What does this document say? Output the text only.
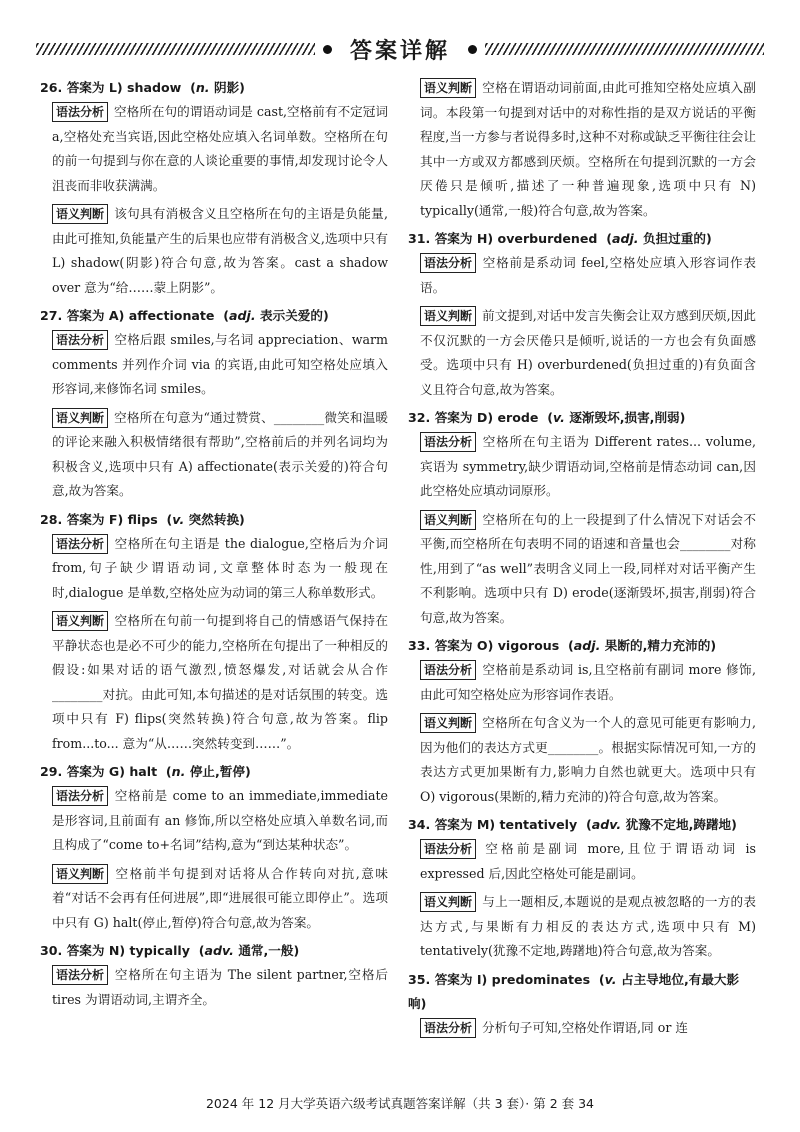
答案详解
26. 答案为 L) shadow  (n. 阴影)
语法分析 空格所在句的谓语动词是 cast,空格前有不定冠词 a,空格处充当宾语,因此空格处应填入名词单数。空格所在句的前一句提到与你在意的人谈论重要的事情,却发现讨论令人沮丧而非收获满满。
语义判断 该句具有消极含义且空格所在句的主语是负能量,由此可推知,负能量产生的后果也应带有消极含义,选项中只有 L) shadow(阴影)符合句意,故为答案。cast a shadow over 意为“给……蒙上阴影”。
27. 答案为 A) affectionate  (adj. 表示关爱的)
语法分析 空格后跟 smiles,与名词 appreciation、warm comments 并列作介词 via 的宾语,由此可知空格处应填入形容词,来修饰名词 smiles。
语义判断 空格所在句意为“通过赞赏、________微笑和温暖的评论来融入积极情绪很有帮助”,空格前后的并列名词均为积极含义,选项中只有 A) affectionate(表示关爱的)符合句意,故为答案。
28. 答案为 F) flips  (v. 突然转换)
语法分析 空格所在句主语是 the dialogue,空格后为介词 from,句子缺少谓语动词,文章整体时态为一般现在时,dialogue 是单数,空格处应为动词的第三人称单数形式。
语义判断 空格所在句前一句提到将自己的情感语气保持在平静状态也是必不可少的能力,空格所在句提出了一种相反的假设:如果对话的语气激烈,愤怒爆发,对话就会从合作________对抗。由此可知,本句描述的是对话氛围的转变。选项中只有 F) flips(突然转换)符合句意,故为答案。flip from...to... 意为“从……突然转变到……”。
29. 答案为 G) halt  (n. 停止,暂停)
语法分析 空格前是 come to an immediate,immediate 是形容词,且前面有 an 修饰,所以空格处应填入单数名词,而且构成了“come to+名词”结构,意为“到达某种状态”。
语义判断 空格前半句提到对话将从合作转向对抗,意味着“对话不会再有任何进展”,即“进展很可能立即停止”。选项中只有 G) halt(停止,暂停)符合句意,故为答案。
30. 答案为 N) typically  (adv. 通常,一般)
语法分析 空格所在句主语为 The silent partner,空格后 tires 为谓语动词,主谓齐全。
语义判断 空格在谓语动词前面,由此可推知空格处应填入副词。本段第一句提到对话中的对称性指的是双方说话的平衡程度,当一方参与者说得多时,这种不对称或缺乏平衡往往会让其中一方或双方都感到厌烦。空格所在句提到沉默的一方会厌倦只是倾听,描述了一种普遍现象,选项中只有 N) typically(通常,一般)符合句意,故为答案。
31. 答案为 H) overburdened  (adj. 负担过重的)
语法分析 空格前是系动词 feel,空格处应填入形容词作表语。
语义判断 前文提到,对话中发言失衡会让双方感到厌烦,因此不仅沉默的一方会厌倦只是倾听,说话的一方也会有负面感受。选项中只有 H) overburdened(负担过重的)有负面含义且符合句意,故为答案。
32. 答案为 D) erode  (v. 逐渐毁坏,损害,削弱)
语法分析 空格所在句主语为 Different rates... volume,宾语为 symmetry,缺少谓语动词,空格前是情态动词 can,因此空格处应填动词原形。
语义判断 空格所在句的上一段提到了什么情况下对话会不平衡,而空格所在句表明不同的语速和音量也会________对称性,用到了“as well”表明含义同上一段,同样对对话平衡产生不利影响。选项中只有 D) erode(逐渐毁坏,损害,削弱)符合句意,故为答案。
33. 答案为 O) vigorous  (adj. 果断的,精力充沛的)
语法分析 空格前是系动词 is,且空格前有副词 more 修饰,由此可知空格处应为形容词作表语。
语义判断 空格所在句含义为一个人的意见可能更有影响力,因为他们的表达方式更________。根据实际情况可知,一方的表达方式更加果断有力,影响力自然也就更大。选项中只有 O) vigorous(果断的,精力充沛的)符合句意,故为答案。
34. 答案为 M) tentatively  (adv. 犹豫不定地,踌躇地)
语法分析 空格前是副词 more,且位于谓语动词 is expressed 后,因此空格处可能是副词。
语义判断 与上一题相反,本题说的是观点被忽略的一方的表达方式,与果断有力相反的表达方式,选项中只有 M) tentatively(犹豫不定地,踌躇地)符合句意,故为答案。
35. 答案为 I) predominates  (v. 占主导地位,有最大影响)
语法分析 分析句子可知,空格处作谓语,同 or 连
2024 年 12 月大学英语六级考试真题答案详解（共 3 套）· 第 2 套 34
